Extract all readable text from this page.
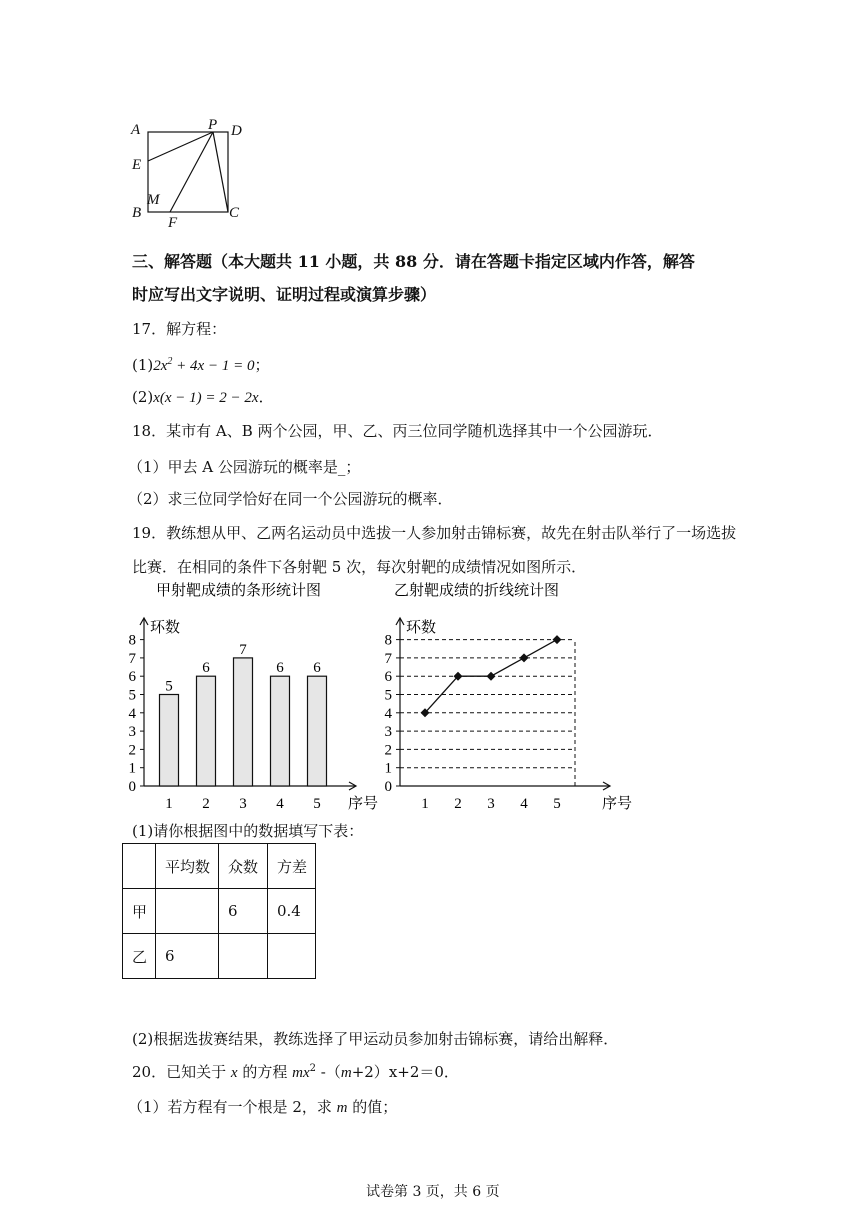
A	P D
E
M
B
F
C
三、解答题（本大题共 11 小题，共 88 分．请在答题卡指定区域内作答，解答
时应写出文字说明、证明过程或演算步骤）
17．解方程：
$(1)2x^2 + 4x - 1 = 0$；
(2)x(x − 1) = 2 − 2x．
18．某市有 A、B 两个公园，甲、乙、丙三位同学随机选择其中一个公园游玩．
（1）甲去 A 公园游玩的概率是_；
（2）求三位同学恰好在同一个公园游玩的概率．
19．教练想从甲、乙两名运动员中选拔一人参加射击锦标赛，故先在射击队举行了一场选拔
比赛．在相同的条件下各射靶 5 次，每次射靶的成绩情况如图所示．
甲射靶成绩的条形统计图
0
1
2
3
4
5
6
7
8
1 2 3 4 5 序号
环数
5
6
7
6 6
乙射靶成绩的折线统计图
0
1
2
3
4
5
6
7
8
1 2 3 4 5	序号
环数
(1)请你根据图中的数据填写下表：
	平均数	众数	方差
甲		6	0.4
乙	6		
(2)根据选拔赛结果，教练选择了甲运动员参加射击锦标赛，请给出解释．
20．已知关于 x 的方程 $mx^2$ -（m+2）x+2＝0．
（1）若方程有一个根是 2，求 m 的值；
试卷第 3 页，共 6 页
